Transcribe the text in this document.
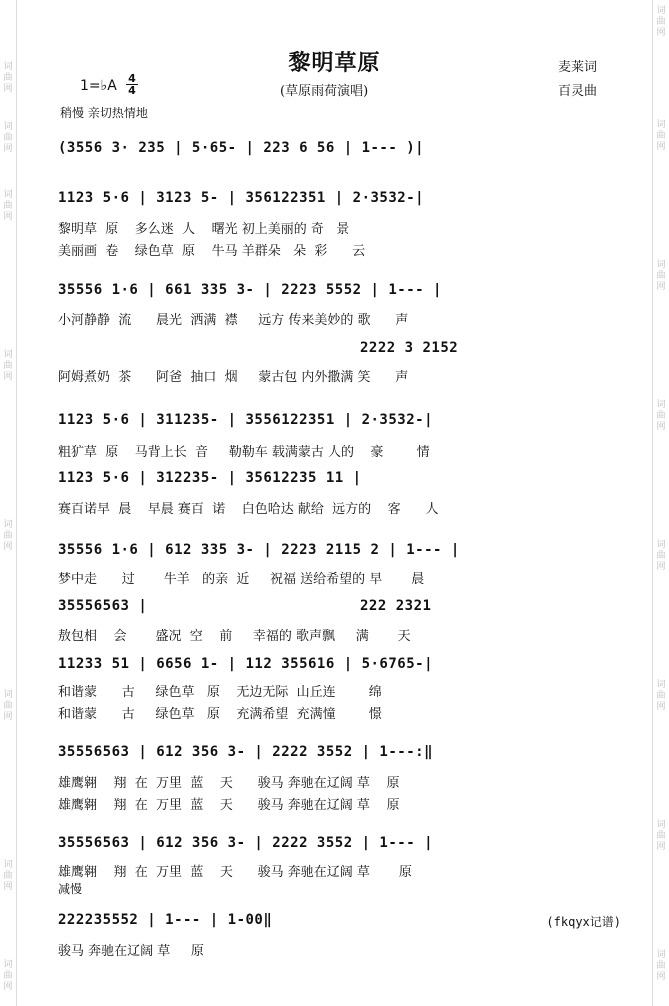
词
曲
网
词
曲
网
词
曲
网
词
曲
网
词
曲
网
词
曲
网
词
曲
网
词
曲
网
词
曲
网
词
曲
网
词
曲
网
词
曲
网
词
曲
网
词
曲
网
词
曲
网
词
曲
网
黎明草原	麦莱词
百灵曲
1=♭A 4
4	(草原雨荷演唱)
稍慢 亲切热情地
(3556 3· 235 | 5·65- | 223 6 56 | 1--- )|
1123 5·6 | 3123 5- | 356122351 | 2·3532-|
黎明草  原    多么迷  人    曙光 初上美丽的 奇   景
美丽画  卷    绿色草  原    牛马 羊群朵   朵  彩      云
35556 1·6 | 661 335 3- | 2223 5552 | 1--- |
小河静静  流      晨光  洒满  襟     远方 传来美妙的 歌      声
2222 3 2152
阿姆煮奶  茶      阿爸  抽口  烟     蒙古包 内外撒满 笑      声
1123 5·6 | 311235- | 3556122351 | 2·3532-|
粗犷草  原    马背上长  音     勒勒车 载满蒙古 人的    豪        情
1123 5·6 | 312235- | 35612235 11 |
赛百诺早  晨    早晨 赛百  诺    白色哈达 献给  远方的    客      人
35556 1·6 | 612 335 3- | 2223 2115 2 | 1--- |
梦中走      过       牛羊   的亲  近     祝福 送给希望的 早       晨
35556563 |	222 2321
敖包相    会       盛况  空    前     幸福的 歌声飘     满       天
11233 51 | 6656 1- | 112 355616 | 5·6765-|
和谐蒙      古     绿色草   原    无边无际  山丘连        绵
和谐蒙      古     绿色草   原    充满希望  充满憧        憬
35556563 | 612 356 3- | 2222 3552 | 1---:‖
雄鹰翱    翔  在  万里  蓝    天      骏马 奔驰在辽阔 草    原
雄鹰翱    翔  在  万里  蓝    天      骏马 奔驰在辽阔 草    原
35556563 | 612 356 3- | 2222 3552 | 1--- |
雄鹰翱    翔  在  万里  蓝    天      骏马 奔驰在辽阔 草       原
减慢
222235552 | 1--- | 1-00‖	(fkqyx记谱)
骏马 奔驰在辽阔 草     原
